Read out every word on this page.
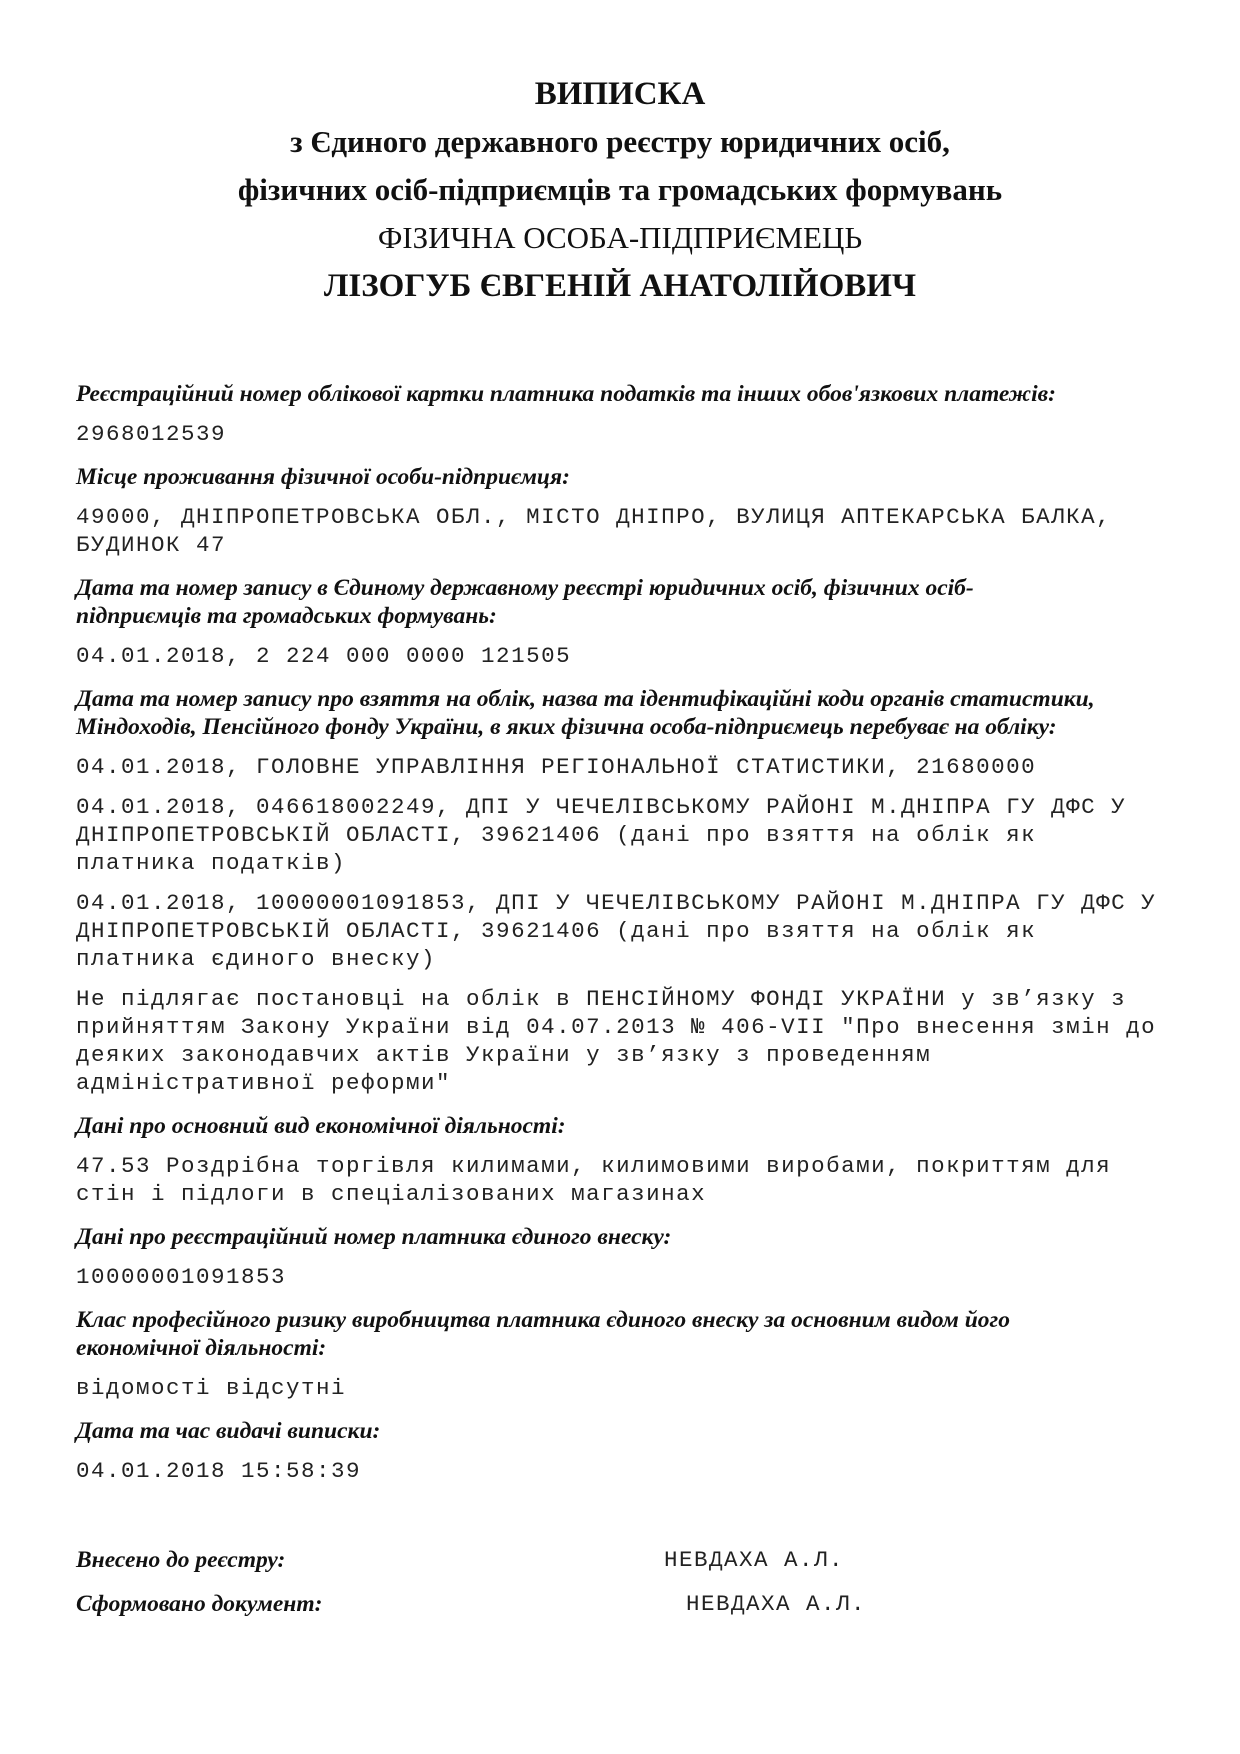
ВИПИСКА
з Єдиного державного реєстру юридичних осіб,
фізичних осіб-підприємців та громадських формувань
ФІЗИЧНА ОСОБА-ПІДПРИЄМЕЦЬ
ЛІЗОГУБ ЄВГЕНІЙ АНАТОЛІЙОВИЧ
Реєстраційний номер облікової картки платника податків та інших обов'язкових платежів:
2968012539
Місце проживання фізичної особи-підприємця:
49000, ДНІПРОПЕТРОВСЬКА ОБЛ., МІСТО ДНІПРО, ВУЛИЦЯ АПТЕКАРСЬКА БАЛКА,
БУДИНОК 47
Дата та номер запису в Єдиному державному реєстрі юридичних осіб, фізичних осіб-
підприємців та громадських формувань:
04.01.2018, 2 224 000 0000 121505
Дата та номер запису про взяття на облік, назва та ідентифікаційні коди органів статистики,
Міндоходів, Пенсійного фонду України, в яких фізична особа-підприємець перебуває на обліку:
04.01.2018, ГОЛОВНЕ УПРАВЛІННЯ РЕГІОНАЛЬНОЇ СТАТИСТИКИ, 21680000
04.01.2018, 046618002249, ДПІ У ЧЕЧЕЛІВСЬКОМУ РАЙОНІ М.ДНІПРА ГУ ДФС У
ДНІПРОПЕТРОВСЬКІЙ ОБЛАСТІ, 39621406 (дані про взяття на облік як
платника податків)
04.01.2018, 10000001091853, ДПІ У ЧЕЧЕЛІВСЬКОМУ РАЙОНІ М.ДНІПРА ГУ ДФС У
ДНІПРОПЕТРОВСЬКІЙ ОБЛАСТІ, 39621406 (дані про взяття на облік як
платника єдиного внеску)
Не підлягає постановці на облік в ПЕНСІЙНОМУ ФОНДІ УКРАЇНИ у зв’язку з
прийняттям Закону України від 04.07.2013 № 406-VII "Про внесення змін до
деяких законодавчих актів України у зв’язку з проведенням
адміністративної реформи"
Дані про основний вид економічної діяльності:
47.53 Роздрібна торгівля килимами, килимовими виробами, покриттям для
стін і підлоги в спеціалізованих магазинах
Дані про реєстраційний номер платника єдиного внеску:
10000001091853
Клас професійного ризику виробництва платника єдиного внеску за основним видом його
економічної діяльності:
відомості відсутні
Дата та час видачі виписки:
04.01.2018 15:58:39
Внесено до реєстру:	НЕВДАХА А.Л.
Сформовано документ:	НЕВДАХА А.Л.
